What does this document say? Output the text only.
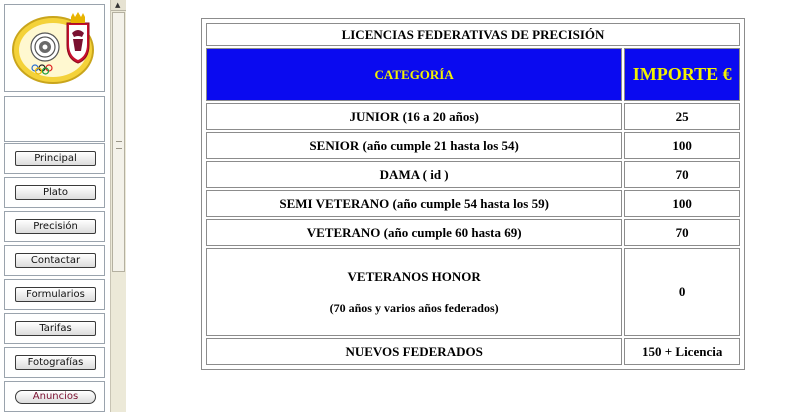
Principal
Plato
Precisión
Contactar
Formularios
Tarifas
Fotografías
Anuncios
▲
LICENCIAS FEDERATIVAS DE PRECISIÓN	
CATEGORÍA	IMPORTE €
JUNIOR (16 a 20 años)	25
SENIOR (año cumple 21 hasta los 54)	100
DAMA ( id )	70
SEMI VETERANO (año cumple 54 hasta los 59)	100
VETERANO (año cumple 60 hasta 69)	70

VETERANOS HONOR
(70 años y varios años federados)	0
NUEVOS FEDERADOS	150 + Licencia
